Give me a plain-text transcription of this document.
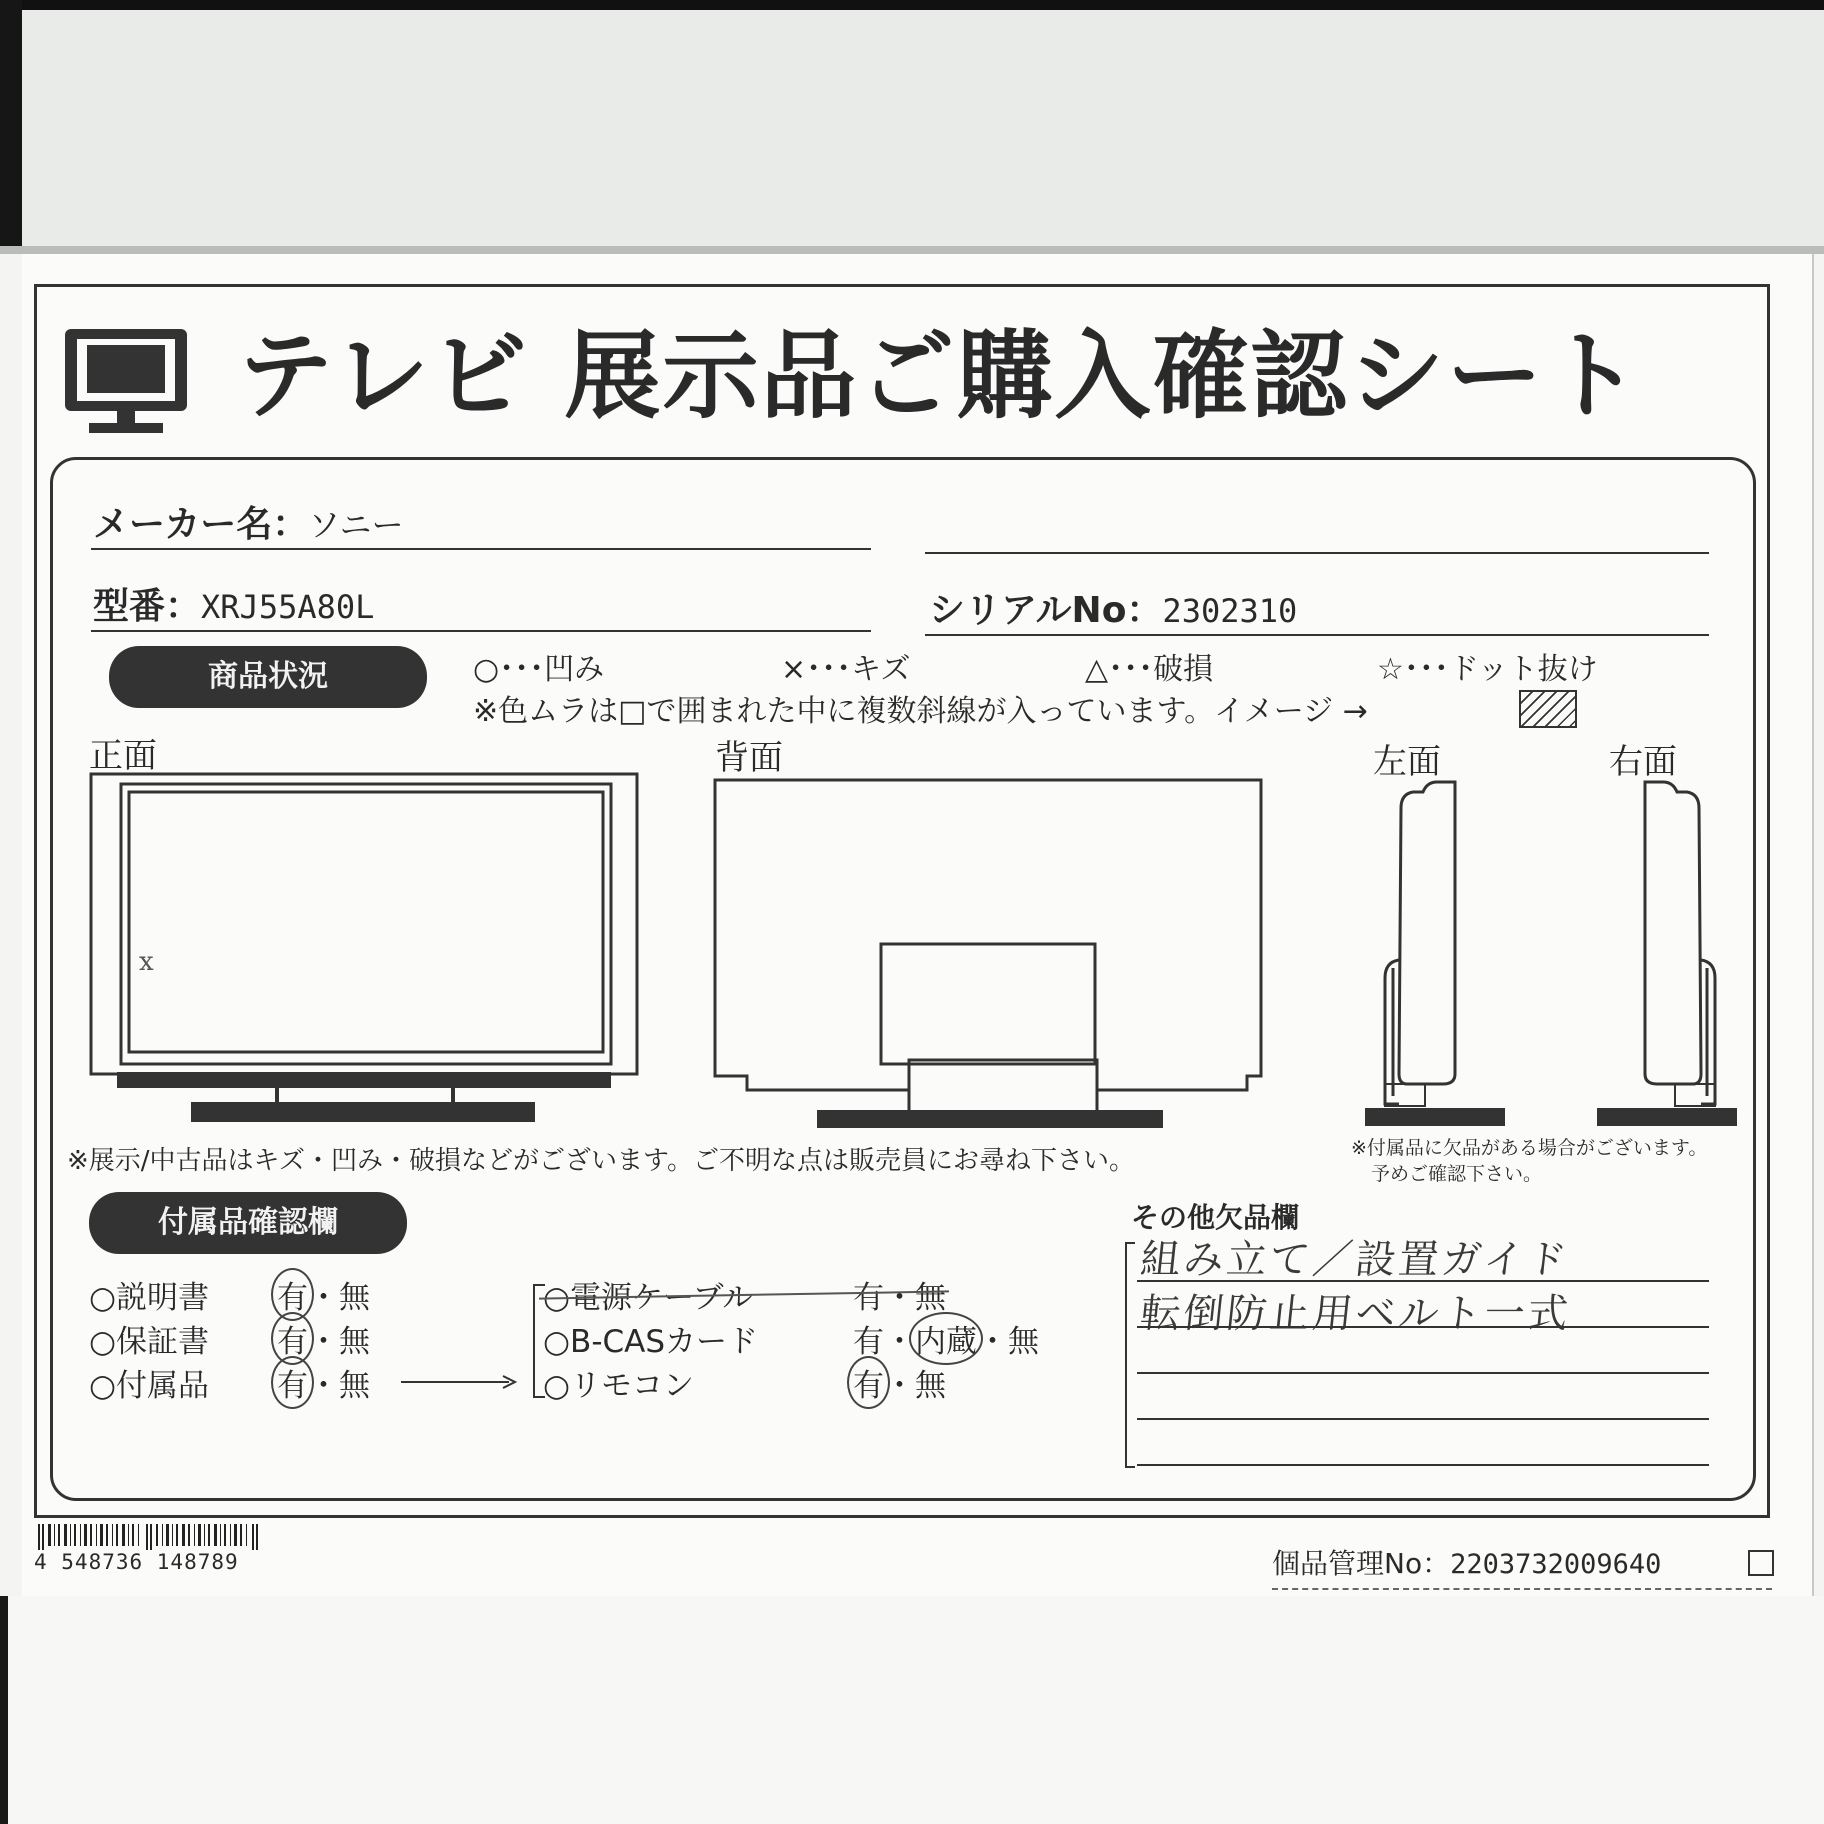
テレビ 展示品ご購入確認シート
メーカー名：ソニー
型番：XRJ55A80L	シリアルNo：2302310
商品状況	○･･･凹み	×･･･キズ	△･･･破損	☆･･･ドット抜け
※色ムラは□で囲まれた中に複数斜線が入っています。イメージ →
正面	背面	左面	右面
x
※展示/中古品はキズ・凹み・破損などがございます。ご不明な点は販売員にお尋ね下さい。	※付属品に欠品がある場合がございます。
予めご確認下さい。
付属品確認欄
○説明書 有・無
○保証書 有・無
○付属品 有・無
○電源ケーブル	有・無
○B-CASカード	有・内蔵・無
○リモコン	有・無
その他欠品欄
組み立て／設置ガイド
転倒防止用ベルト一式
4 548736 148789	個品管理No：2203732009640
